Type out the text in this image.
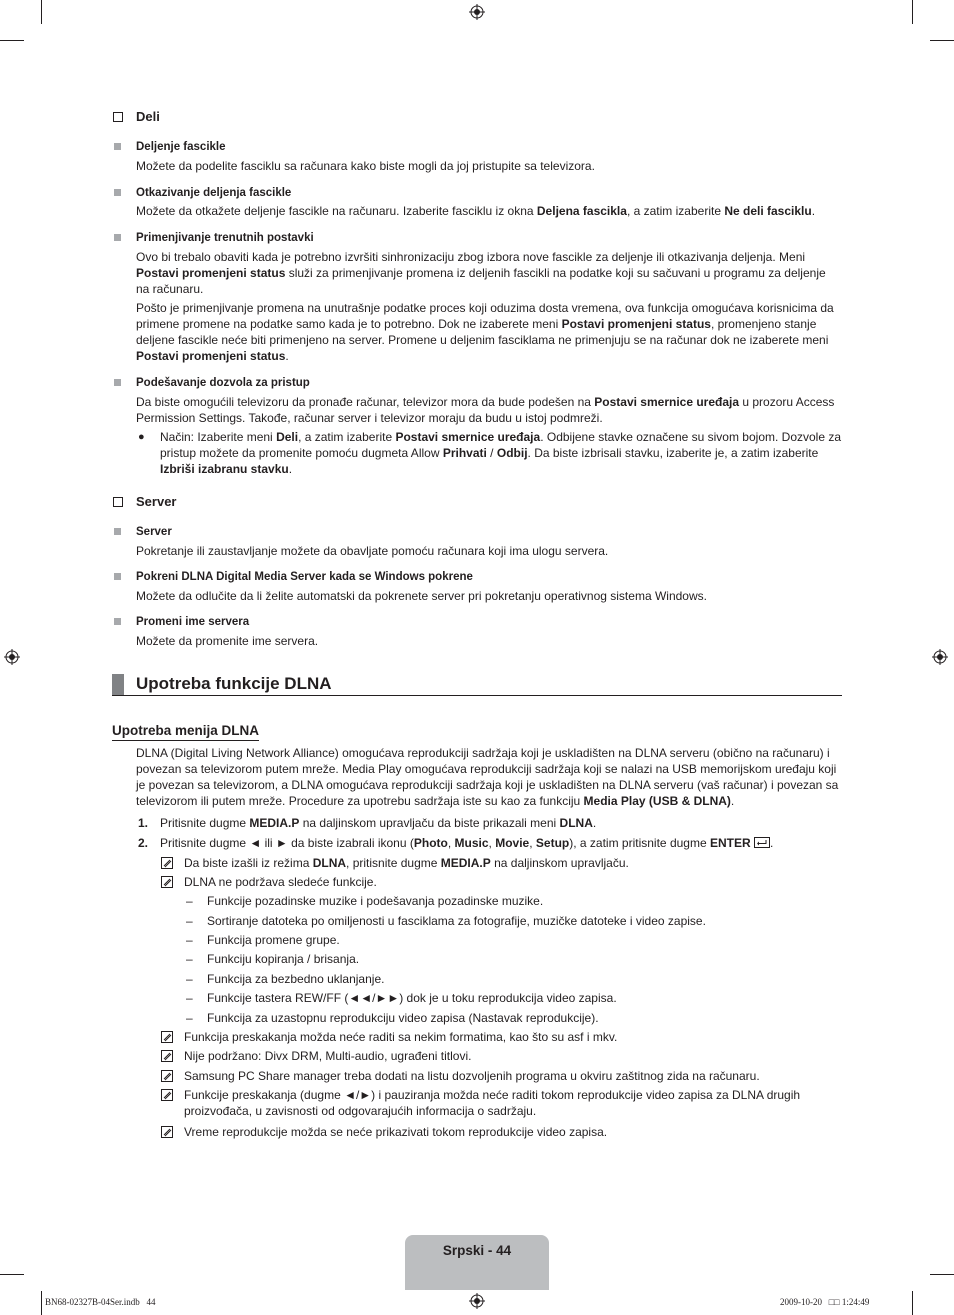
Deli
Deljenje fascikle
Možete da podelite fasciklu sa računara kako biste mogli da joj pristupite sa televizora.
Otkazivanje deljenja fascikle
Možete da otkažete deljenje fascikle na računaru. Izaberite fasciklu iz okna Deljena fascikla, a zatim izaberite Ne deli fasciklu.
Primenjivanje trenutnih postavki
Ovo bi trebalo obaviti kada je potrebno izvršiti sinhronizaciju zbog izbora nove fascikle za deljenje ili otkazivanja deljenja. Meni Postavi promenjeni status služi za primenjivanje promena iz deljenih fascikli na podatke koji su sačuvani u programu za deljenje na računaru.
Pošto je primenjivanje promena na unutrašnje podatke proces koji oduzima dosta vremena, ova funkcija omogućava korisnicima da primene promene na podatke samo kada je to potrebno. Dok ne izaberete meni Postavi promenjeni status, promenjeno stanje deljene fascikle neće biti primenjeno na server. Promene u deljenim fasciklama ne primenjuju se na računar dok ne izaberete meni Postavi promenjeni status.
Podešavanje dozvola za pristup
Da biste omogućili televizoru da pronađe računar, televizor mora da bude podešen na Postavi smernice uređaja u prozoru Access Permission Settings. Takođe, računar server i televizor moraju da budu u istoj podmreži.
● Način: Izaberite meni Deli, a zatim izaberite Postavi smernice uređaja. Odbijene stavke označene su sivom bojom. Dozvole za pristup možete da promenite pomoću dugmeta Allow Prihvati / Odbij. Da biste izbrisali stavku, izaberite je, a zatim izaberite Izbriši izabranu stavku.
Server
Server
Pokretanje ili zaustavljanje možete da obavljate pomoću računara koji ima ulogu servera.
Pokreni DLNA Digital Media Server kada se Windows pokrene
Možete da odlučite da li želite automatski da pokrenete server pri pokretanju operativnog sistema Windows.
Promeni ime servera
Možete da promenite ime servera.
Upotreba funkcije DLNA
Upotreba menija DLNA
DLNA (Digital Living Network Alliance) omogućava reprodukciji sadržaja koji je uskladišten na DLNA serveru (obično na računaru) i povezan sa televizorom putem mreže. Media Play omogućava reprodukciji sadržaja koji se nalazi na USB memorijskom uređaju koji je povezan sa televizorom, a DLNA omogućava reprodukciji sadržaja koji je uskladišten na DLNA serveru (vaš računar) i povezan sa televizorom ili putem mreže. Procedure za upotrebu sadržaja iste su kao za funkciju Media Play (USB & DLNA).
1. Pritisnite dugme MEDIA.P na daljinskom upravljaču da biste prikazali meni DLNA.
2. Pritisnite dugme ◄ ili ► da biste izabrali ikonu (Photo, Music, Movie, Setup), a zatim pritisnite dugme ENTER .
Da biste izašli iz režima DLNA, pritisnite dugme MEDIA.P na daljinskom upravljaču.
DLNA ne podržava sledeće funkcije.
– Funkcije pozadinske muzike i podešavanja pozadinske muzike.
– Sortiranje datoteka po omiljenosti u fasciklama za fotografije, muzičke datoteke i video zapise.
– Funkcija promene grupe.
– Funkciju kopiranja / brisanja.
– Funkcija za bezbedno uklanjanje.
– Funkcije tastera REW/FF (◄◄/►►) dok je u toku reprodukcija video zapisa.
– Funkcija za uzastopnu reprodukciju video zapisa (Nastavak reprodukcije).
Funkcija preskakanja možda neće raditi sa nekim formatima, kao što su asf i mkv.
Nije podržano: Divx DRM, Multi-audio, ugrađeni titlovi.
Samsung PC Share manager treba dodati na listu dozvoljenih programa u okviru zaštitnog zida na računaru.
Funkcije preskakanja (dugme ◄/►) i pauziranja možda neće raditi tokom reprodukcije video zapisa za DLNA drugih proizvođača, u zavisnosti od odgovarajućih informacija o sadržaju.
Vreme reprodukcije možda se neće prikazivati tokom reprodukcije video zapisa.
Srpski - 44
BN68-02327B-04Ser.indb   44	2009-10-20   □□ 1:24:49
